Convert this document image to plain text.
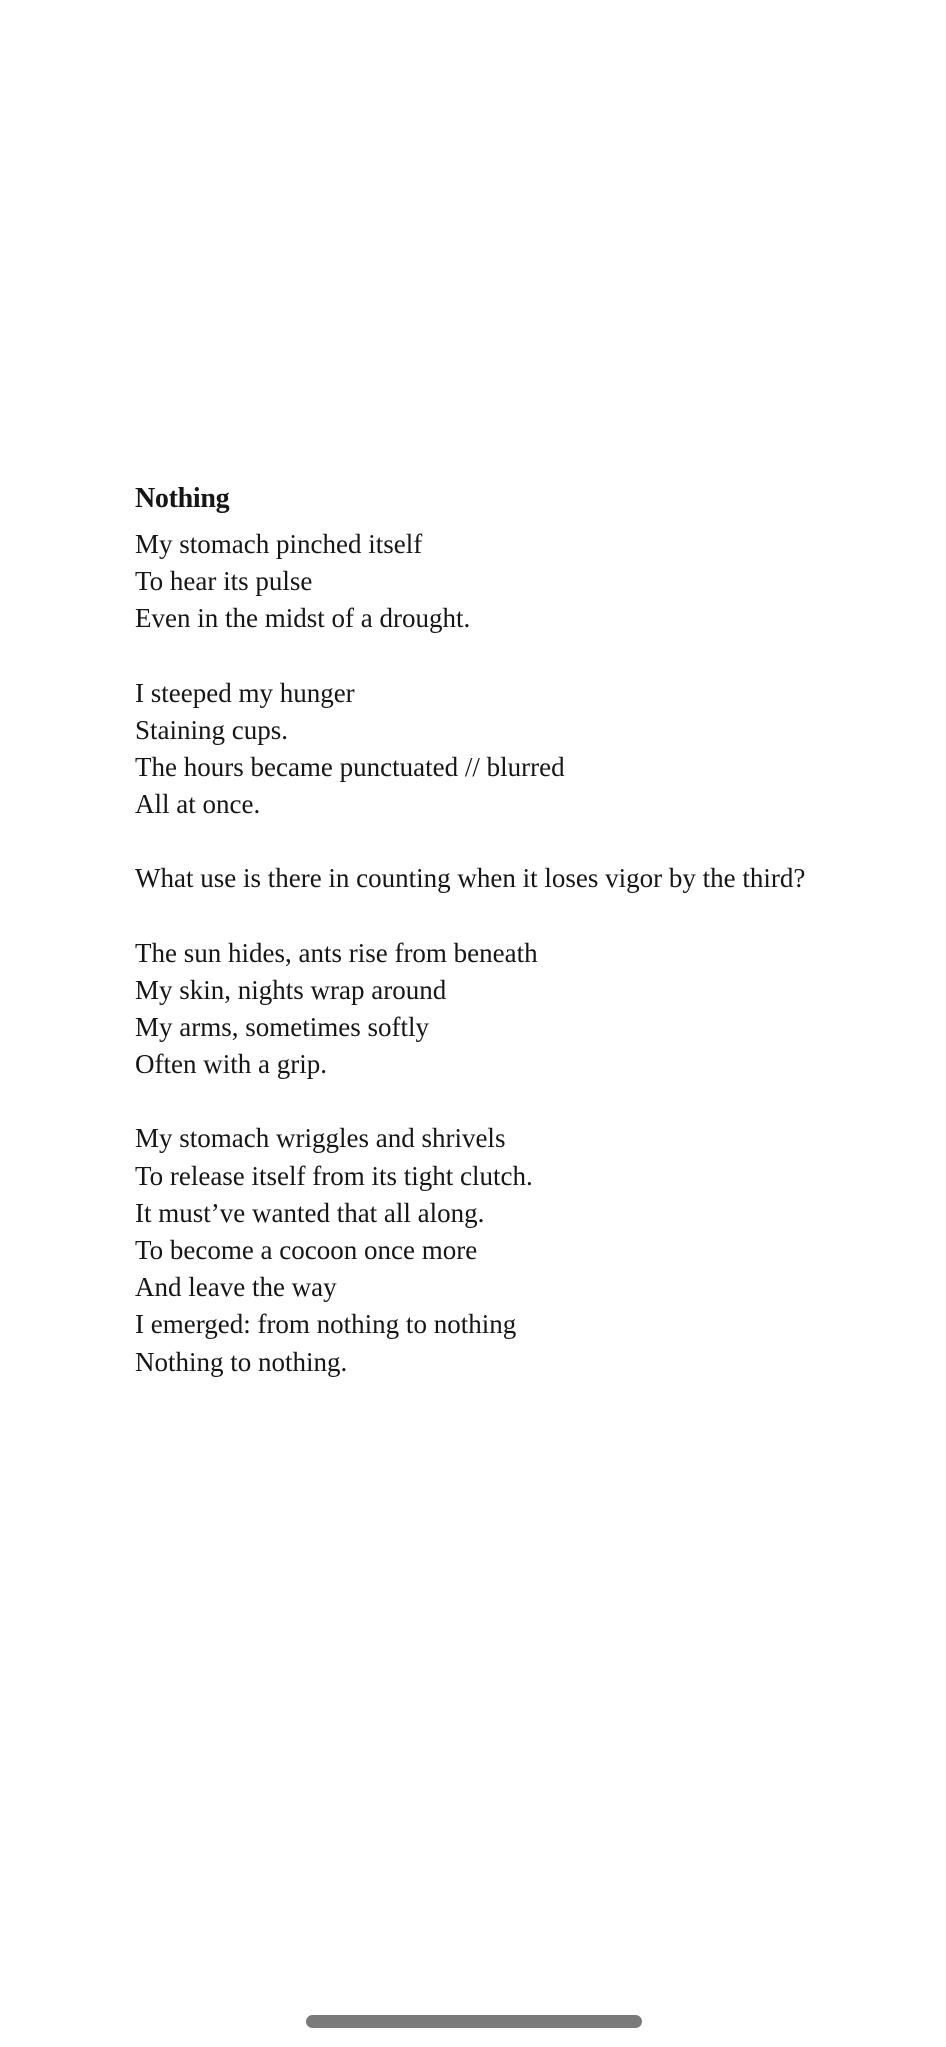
Nothing
My stomach pinched itself
To hear its pulse
Even in the midst of a drought.
I steeped my hunger
Staining cups.
The hours became punctuated // blurred
All at once.
What use is there in counting when it loses vigor by the third?
The sun hides, ants rise from beneath
My skin, nights wrap around
My arms, sometimes softly
Often with a grip.
My stomach wriggles and shrivels
To release itself from its tight clutch.
It must’ve wanted that all along.
To become a cocoon once more
And leave the way
I emerged: from nothing to nothing
Nothing to nothing.
